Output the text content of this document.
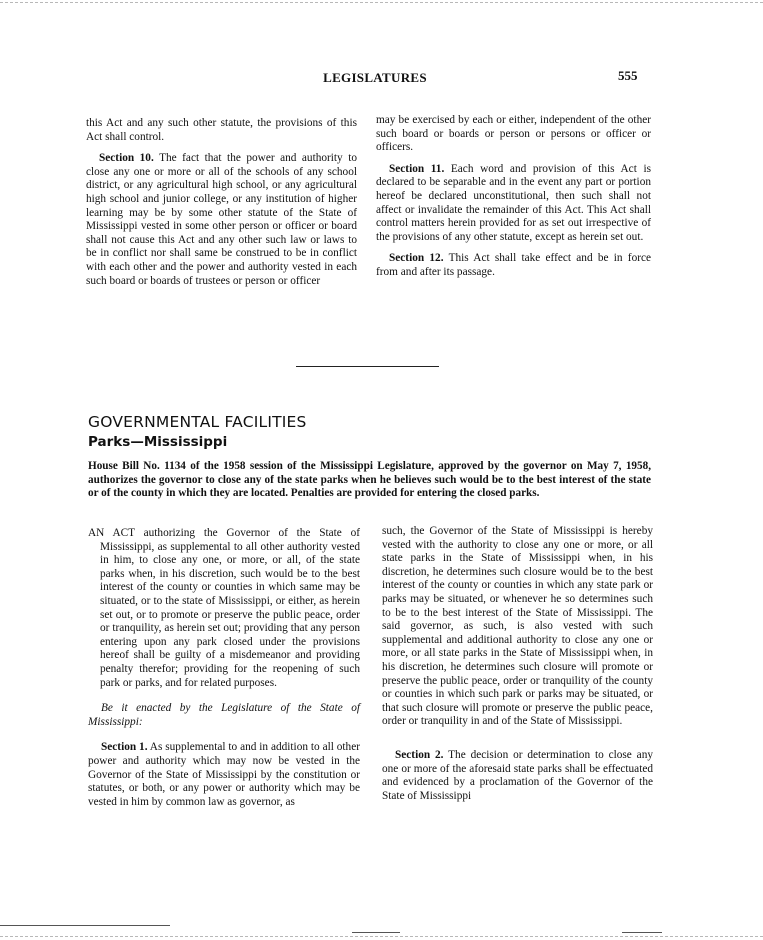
LEGISLATURES	555

this Act and any such other statute, the provisions of this Act shall control.

Section 10. The fact that the power and authority to close any one or more or all of the schools of any school district, or any agricultural high school, or any agricultural high school and junior college, or any institution of higher learning may be by some other statute of the State of Mississippi vested in some other person or officer or board shall not cause this Act and any other such law or laws to be in conflict nor shall same be construed to be in conflict with each other and the power and authority vested in each such board or boards of trustees or person or officer

may be exercised by each or either, independent of the other such board or boards or person or persons or officer or officers.

Section 11. Each word and provision of this Act is declared to be separable and in the event any part or portion hereof be declared unconstitutional, then such shall not affect or invalidate the remainder of this Act. This Act shall control matters herein provided for as set out irrespective of the provisions of any other statute, except as herein set out.

Section 12. This Act shall take effect and be in force from and after its passage.

GOVERNMENTAL FACILITIES
Parks—Mississippi
House Bill No. 1134 of the 1958 session of the Mississippi Legislature, approved by the governor on May 7, 1958, authorizes the governor to close any of the state parks when he believes such would be to the best interest of the state or of the county in which they are located. Penalties are provided for entering the closed parks.

AN ACT authorizing the Governor of the State of Mississippi, as supplemental to all other authority vested in him, to close any one, or more, or all, of the state parks when, in his discretion, such would be to the best interest of the county or counties in which same may be situated, or to the state of Mississippi, or either, as herein set out, or to promote or preserve the public peace, order or tranquility, as herein set out; providing that any person entering upon any park closed under the provisions hereof shall be guilty of a misdemeanor and providing penalty therefor; providing for the reopening of such park or parks, and for related purposes.

Be it enacted by the Legislature of the State of Mississippi:

Section 1. As supplemental to and in addition to all other power and authority which may now be vested in the Governor of the State of Mississippi by the constitution or statutes, or both, or any power or authority which may be vested in him by common law as governor, as

such, the Governor of the State of Mississippi is hereby vested with the authority to close any one or more, or all state parks in the State of Mississippi when, in his discretion, he determines such closure would be to the best interest of the county or counties in which any state park or parks may be situated, or whenever he so determines such to be to the best interest of the State of Mississippi. The said governor, as such, is also vested with such supplemental and additional authority to close any one or more, or all state parks in the State of Mississippi when, in his discretion, he determines such closure will promote or preserve the public peace, order or tranquility of the county or counties in which such park or parks may be situated, or that such closure will promote or preserve the public peace, order or tranquility in and of the State of Mississippi.

Section 2. The decision or determination to close any one or more of the aforesaid state parks shall be effectuated and evidenced by a proclamation of the Governor of the State of Mississippi
